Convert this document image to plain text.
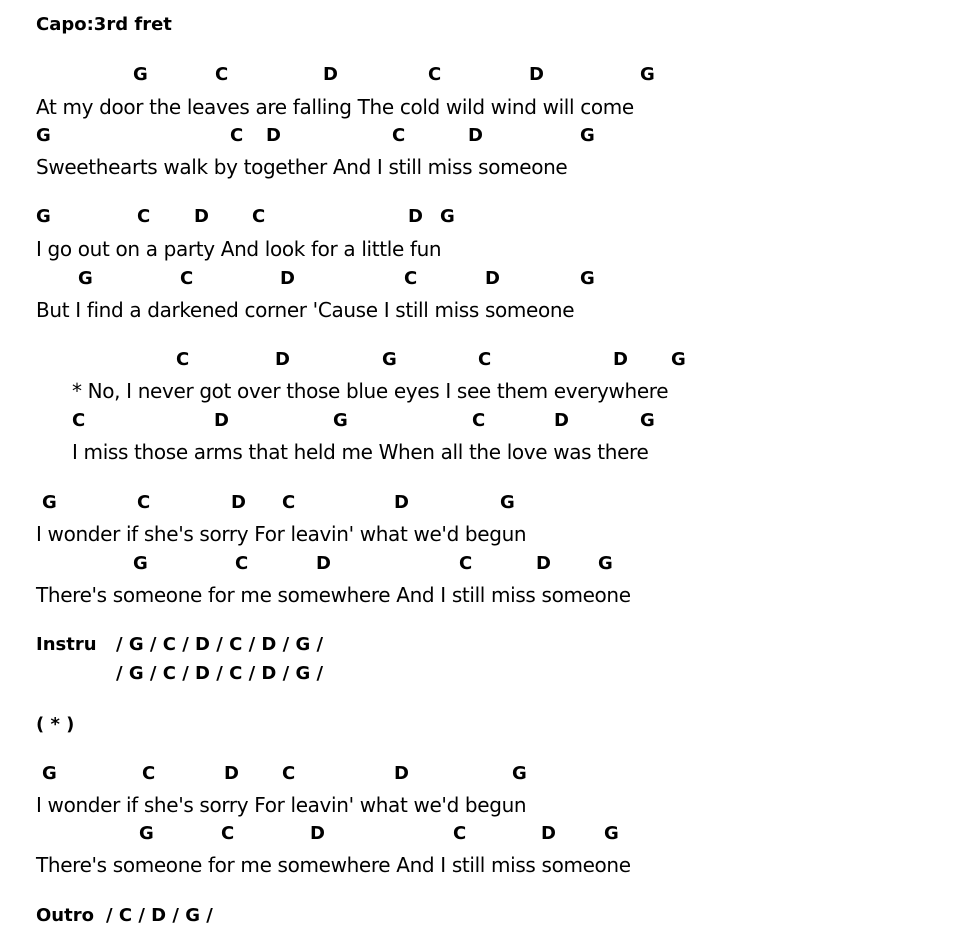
Capo:3rd fret
G	C	D	C	D	G
At my door the leaves are falling The cold wild wind will come
G	C D	C	D	G
Sweethearts walk by together And I still miss someone
G	C D C	D G
I go out on a party And look for a little fun
G	C	D	C	D	G
But I find a darkened corner 'Cause I still miss someone
C	D	G	C	D G
* No, I never got over those blue eyes I see them everywhere
C	D	G	C	D	G
I miss those arms that held me When all the love was there
G	C	D C	D	G
I wonder if she's sorry For leavin' what we'd begun
G	C	D	C	D	G
There's someone for me somewhere And I still miss someone
Instru / G / C / D / C / D / G /
/ G / C / D / C / D / G /
( * )
G	C	D C	D	G
I wonder if she's sorry For leavin' what we'd begun
G	C	D	C	D	G
There's someone for me somewhere And I still miss someone
Outro / C / D / G /
